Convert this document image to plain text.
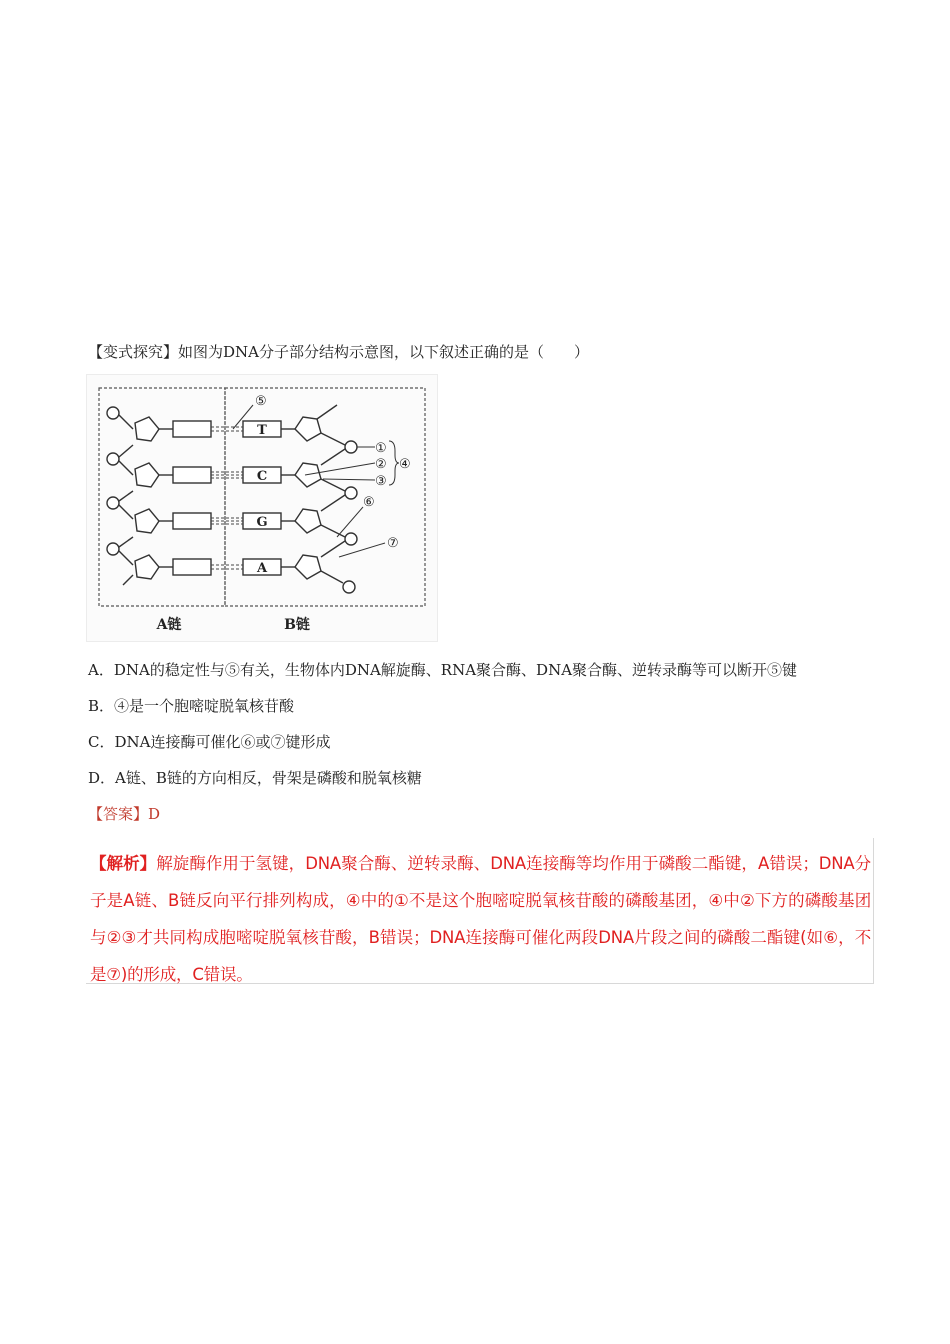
【变式探究】如图为DNA分子部分结构示意图，以下叙述正确的是（　　）
T
C
G
A
⑤
①
②
③
④
⑥
⑦
A链	B链
A．DNA的稳定性与⑤有关，生物体内DNA解旋酶、RNA聚合酶、DNA聚合酶、逆转录酶等可以断开⑤键
B．④是一个胞嘧啶脱氧核苷酸
C．DNA连接酶可催化⑥或⑦键形成
D．A链、B链的方向相反，骨架是磷酸和脱氧核糖
【答案】D
【解析】解旋酶作用于氢键，DNA聚合酶、逆转录酶、DNA连接酶等均作用于磷酸二酯键，A错误；DNA分子是A链、B链反向平行排列构成，④中的①不是这个胞嘧啶脱氧核苷酸的磷酸基团，④中②下方的磷酸基团与②③才共同构成胞嘧啶脱氧核苷酸，B错误；DNA连接酶可催化两段DNA片段之间的磷酸二酯键(如⑥，不是⑦)的形成，C错误。
